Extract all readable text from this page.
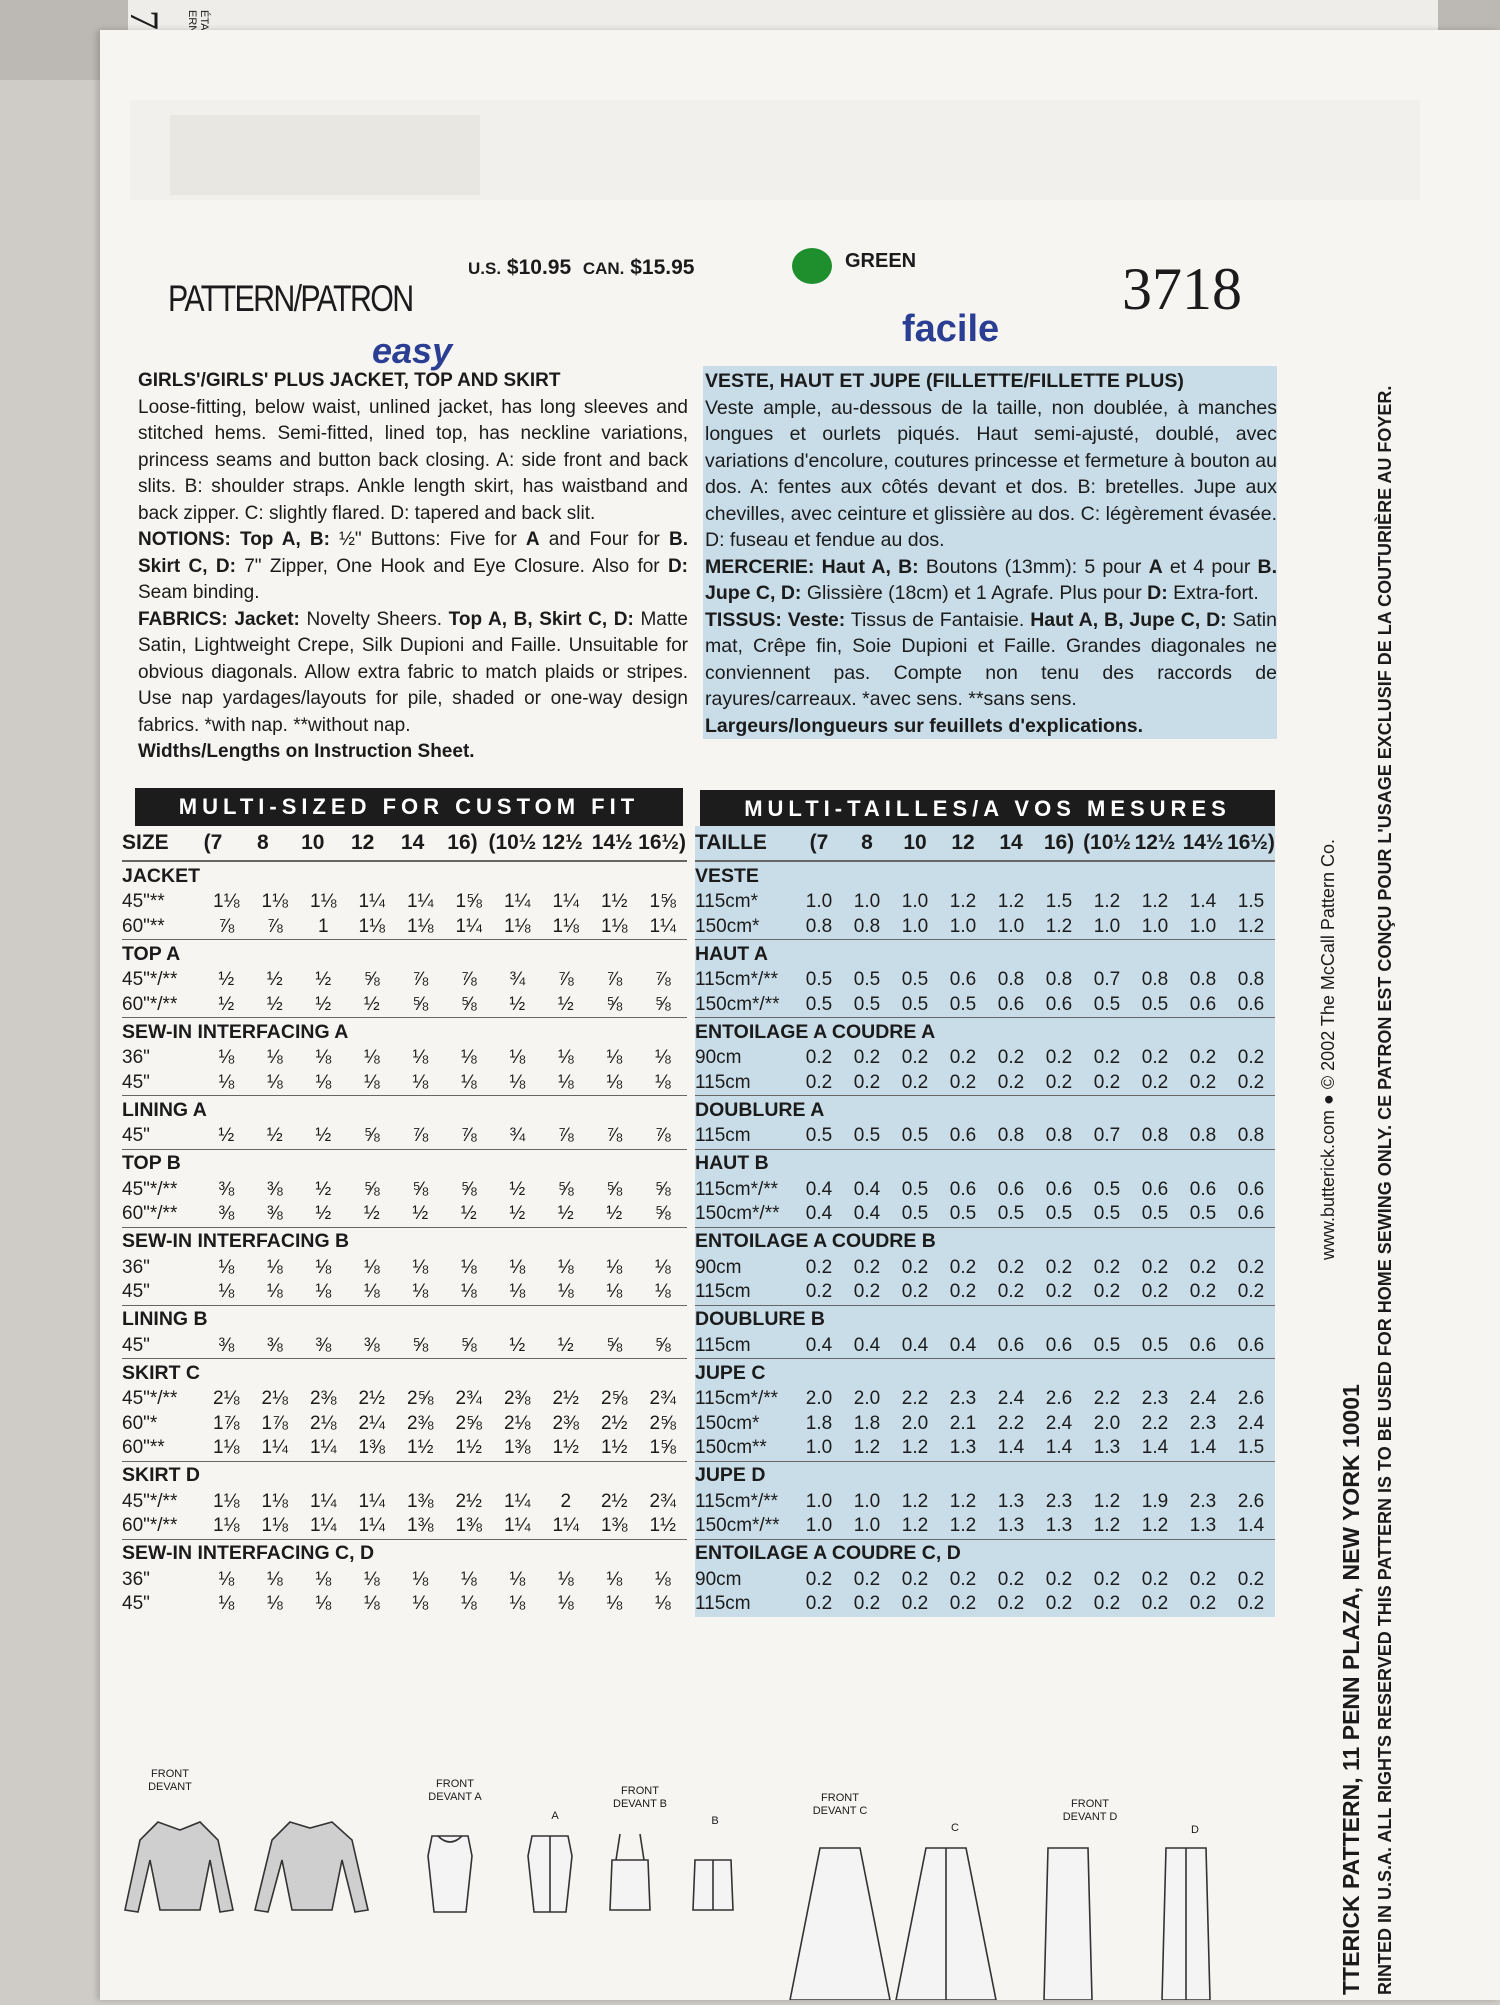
PATTERN/PATRON
U.S. $10.95 CAN. $15.95	GREEN	3718
easy
facile

GIRLS'/GIRLS' PLUS JACKET, TOP AND SKIRT

Loose-fitting, below waist, unlined jacket, has long sleeves and stitched hems. Semi-fitted, lined top, has neckline variations, princess seams and button back closing. A: side front and back slits. B: shoulder straps. Ankle length skirt, has waistband and back zipper. C: slightly flared. D: tapered and back slit.

NOTIONS: Top A, B: ½" Buttons: Five for A and Four for B. Skirt C, D: 7" Zipper, One Hook and Eye Closure. Also for D: Seam binding.

FABRICS: Jacket: Novelty Sheers. Top A, B, Skirt C, D: Matte Satin, Lightweight Crepe, Silk Dupioni and Faille. Unsuitable for obvious diagonals. Allow extra fabric to match plaids or stripes. Use nap yardages/layouts for pile, shaded or one-way design fabrics. *with nap. **without nap.

Widths/Lengths on Instruction Sheet.

VESTE, HAUT ET JUPE (FILLETTE/FILLETTE PLUS)

Veste ample, au-dessous de la taille, non doublée, à manches longues et ourlets piqués. Haut semi-ajusté, doublé, avec variations d'encolure, coutures princesse et fermeture à bouton au dos. A: fentes aux côtés devant et dos. B: bretelles. Jupe aux chevilles, avec ceinture et glissière au dos. C: légèrement évasée. D: fuseau et fendue au dos.

MERCERIE: Haut A, B: Boutons (13mm): 5 pour A et 4 pour B. Jupe C, D: Glissière (18cm) et 1 Agrafe. Plus pour D: Extra-fort.

TISSUS: Veste: Tissus de Fantaisie. Haut A, B, Jupe C, D: Satin mat, Crêpe fin, Soie Dupioni et Faille. Grandes diagonales ne conviennent pas. Compte non tenu des raccords de rayures/carreaux. *avec sens. **sans sens.

Largeurs/longueurs sur feuillets d'explications.

MULTI-SIZED FOR CUSTOM FIT	MULTI-TAILLES/A VOS MESURES
SIZE	(7	8	10	12	14	16) (10½ 12½ 14½ 16½)
JACKET
45"**	1⅛	1⅛	1⅛	1¼	1¼	1⅝	1¼	1¼	1½	1⅝
60"**	⅞	⅞	1	1⅛	1⅛	1¼	1⅛	1⅛	1⅛	1¼
TOP A
45"*/**	½	½	½	⅝	⅞	⅞	¾	⅞	⅞	⅞
60"*/**	½	½	½	½	⅝	⅝	½	½	⅝	⅝
SEW-IN INTERFACING A
36"	⅛	⅛	⅛	⅛	⅛	⅛	⅛	⅛	⅛	⅛
45"	⅛	⅛	⅛	⅛	⅛	⅛	⅛	⅛	⅛	⅛
LINING A
45"	½	½	½	⅝	⅞	⅞	¾	⅞	⅞	⅞
TOP B
45"*/**	⅜	⅜	½	⅝	⅝	⅝	½	⅝	⅝	⅝
60"*/**	⅜	⅜	½	½	½	½	½	½	½	⅝
SEW-IN INTERFACING B
36"	⅛	⅛	⅛	⅛	⅛	⅛	⅛	⅛	⅛	⅛
45"	⅛	⅛	⅛	⅛	⅛	⅛	⅛	⅛	⅛	⅛
LINING B
45"	⅜	⅜	⅜	⅜	⅝	⅝	½	½	⅝	⅝
SKIRT C
45"*/**	2⅛	2⅛	2⅜	2½	2⅝	2¾	2⅜	2½	2⅝	2¾
60"*	1⅞	1⅞	2⅛	2¼	2⅜	2⅝	2⅛	2⅜	2½	2⅝
60"**	1⅛	1¼	1¼	1⅜	1½	1½	1⅜	1½	1½	1⅝
SKIRT D
45"*/**	1⅛	1⅛	1¼	1¼	1⅜	2½	1¼	2	2½	2¾
60"*/**	1⅛	1⅛	1¼	1¼	1⅜	1⅜	1¼	1¼	1⅜	1½
SEW-IN INTERFACING C, D
36"	⅛	⅛	⅛	⅛	⅛	⅛	⅛	⅛	⅛	⅛
45"	⅛	⅛	⅛	⅛	⅛	⅛	⅛	⅛	⅛	⅛
TAILLE	(7	8	10	12	14	16) (10½ 12½ 14½ 16½)
VESTE
115cm*	1.0	1.0	1.0	1.2	1.2	1.5	1.2	1.2	1.4	1.5
150cm*	0.8	0.8	1.0	1.0	1.0	1.2	1.0	1.0	1.0	1.2
HAUT A
115cm*/**	0.5	0.5	0.5	0.6	0.8	0.8	0.7	0.8	0.8	0.8
150cm*/**	0.5	0.5	0.5	0.5	0.6	0.6	0.5	0.5	0.6	0.6
ENTOILAGE A COUDRE A
90cm	0.2	0.2	0.2	0.2	0.2	0.2	0.2	0.2	0.2	0.2
115cm	0.2	0.2	0.2	0.2	0.2	0.2	0.2	0.2	0.2	0.2
DOUBLURE A
115cm	0.5	0.5	0.5	0.6	0.8	0.8	0.7	0.8	0.8	0.8
HAUT B
115cm*/**	0.4	0.4	0.5	0.6	0.6	0.6	0.5	0.6	0.6	0.6
150cm*/**	0.4	0.4	0.5	0.5	0.5	0.5	0.5	0.5	0.5	0.6
ENTOILAGE A COUDRE B
90cm	0.2	0.2	0.2	0.2	0.2	0.2	0.2	0.2	0.2	0.2
115cm	0.2	0.2	0.2	0.2	0.2	0.2	0.2	0.2	0.2	0.2
DOUBLURE B
115cm	0.4	0.4	0.4	0.4	0.6	0.6	0.5	0.5	0.6	0.6
JUPE C
115cm*/**	2.0	2.0	2.2	2.3	2.4	2.6	2.2	2.3	2.4	2.6
150cm*	1.8	1.8	2.0	2.1	2.2	2.4	2.0	2.2	2.3	2.4
150cm**	1.0	1.2	1.2	1.3	1.4	1.4	1.3	1.4	1.4	1.5
JUPE D
115cm*/**	1.0	1.0	1.2	1.2	1.3	2.3	1.2	1.9	2.3	2.6
150cm*/**	1.0	1.0	1.2	1.2	1.3	1.3	1.2	1.2	1.3	1.4
ENTOILAGE A COUDRE C, D
90cm	0.2	0.2	0.2	0.2	0.2	0.2	0.2	0.2	0.2	0.2
115cm	0.2	0.2	0.2	0.2	0.2	0.2	0.2	0.2	0.2	0.2
FRONT DEVANT	FRONT DEVANT A
A
FRONT DEVANT B
B
FRONT DEVANT C
C
FRONT DEVANT D
D
www.butterick.com ● © 2002 The McCall Pattern Co.
TTERICK PATTERN, 11 PENN PLAZA, NEW YORK 10001 RINTED IN U.S.A. ALL RIGHTS RESERVED THIS PATTERN IS TO BE USED FOR HOME SEWING ONLY. CE PATRON EST CONÇU POUR L'USAGE EXCLUSIF DE LA COUTURIÈRE AU FOYER.
